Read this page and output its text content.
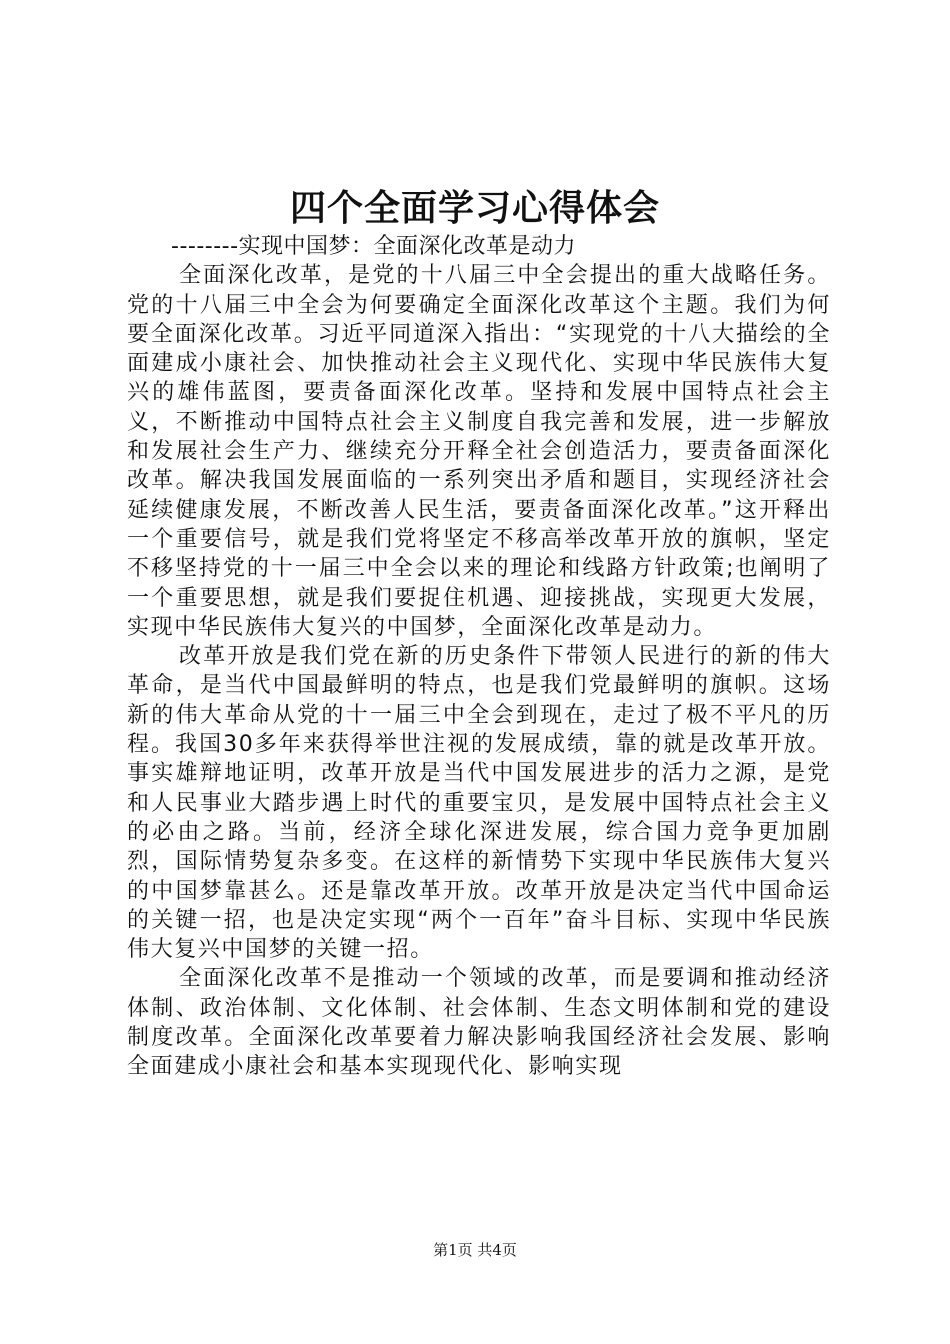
四个全面学习心得体会

--------实现中国梦：全面深化改革是动力

全面深化改革，是党的十八届三中全会提出的重大战略任务。党的十八届三中全会为何要确定全面深化改革这个主题。我们为何要全面深化改革。习近平同道深入指出：“实现党的十八大描绘的全面建成小康社会、加快推动社会主义现代化、实现中华民族伟大复兴的雄伟蓝图，要责备面深化改革。坚持和发展中国特点社会主义，不断推动中国特点社会主义制度自我完善和发展，进一步解放和发展社会生产力、继续充分开释全社会创造活力，要责备面深化改革。解决我国发展面临的一系列突出矛盾和题目，实现经济社会延续健康发展，不断改善人民生活，要责备面深化改革。”这开释出一个重要信号，就是我们党将坚定不移高举改革开放的旗帜，坚定不移坚持党的十一届三中全会以来的理论和线路方针政策;也阐明了一个重要思想，就是我们要捉住机遇、迎接挑战，实现更大发展，实现中华民族伟大复兴的中国梦，全面深化改革是动力。

改革开放是我们党在新的历史条件下带领人民进行的新的伟大革命，是当代中国最鲜明的特点，也是我们党最鲜明的旗帜。这场新的伟大革命从党的十一届三中全会到现在，走过了极不平凡的历程。我国30多年来获得举世注视的发展成绩，靠的就是改革开放。事实雄辩地证明，改革开放是当代中国发展进步的活力之源，是党和人民事业大踏步遇上时代的重要宝贝，是发展中国特点社会主义的必由之路。当前，经济全球化深进发展，综合国力竞争更加剧烈，国际情势复杂多变。在这样的新情势下实现中华民族伟大复兴的中国梦靠甚么。还是靠改革开放。改革开放是决定当代中国命运的关键一招，也是决定实现“两个一百年”奋斗目标、实现中华民族伟大复兴中国梦的关键一招。

全面深化改革不是推动一个领域的改革，而是要调和推动经济体制、政治体制、文化体制、社会体制、生态文明体制和党的建设制度改革。全面深化改革要着力解决影响我国经济社会发展、影响全面建成小康社会和基本实现现代化、影响实现

第1页 共4页
